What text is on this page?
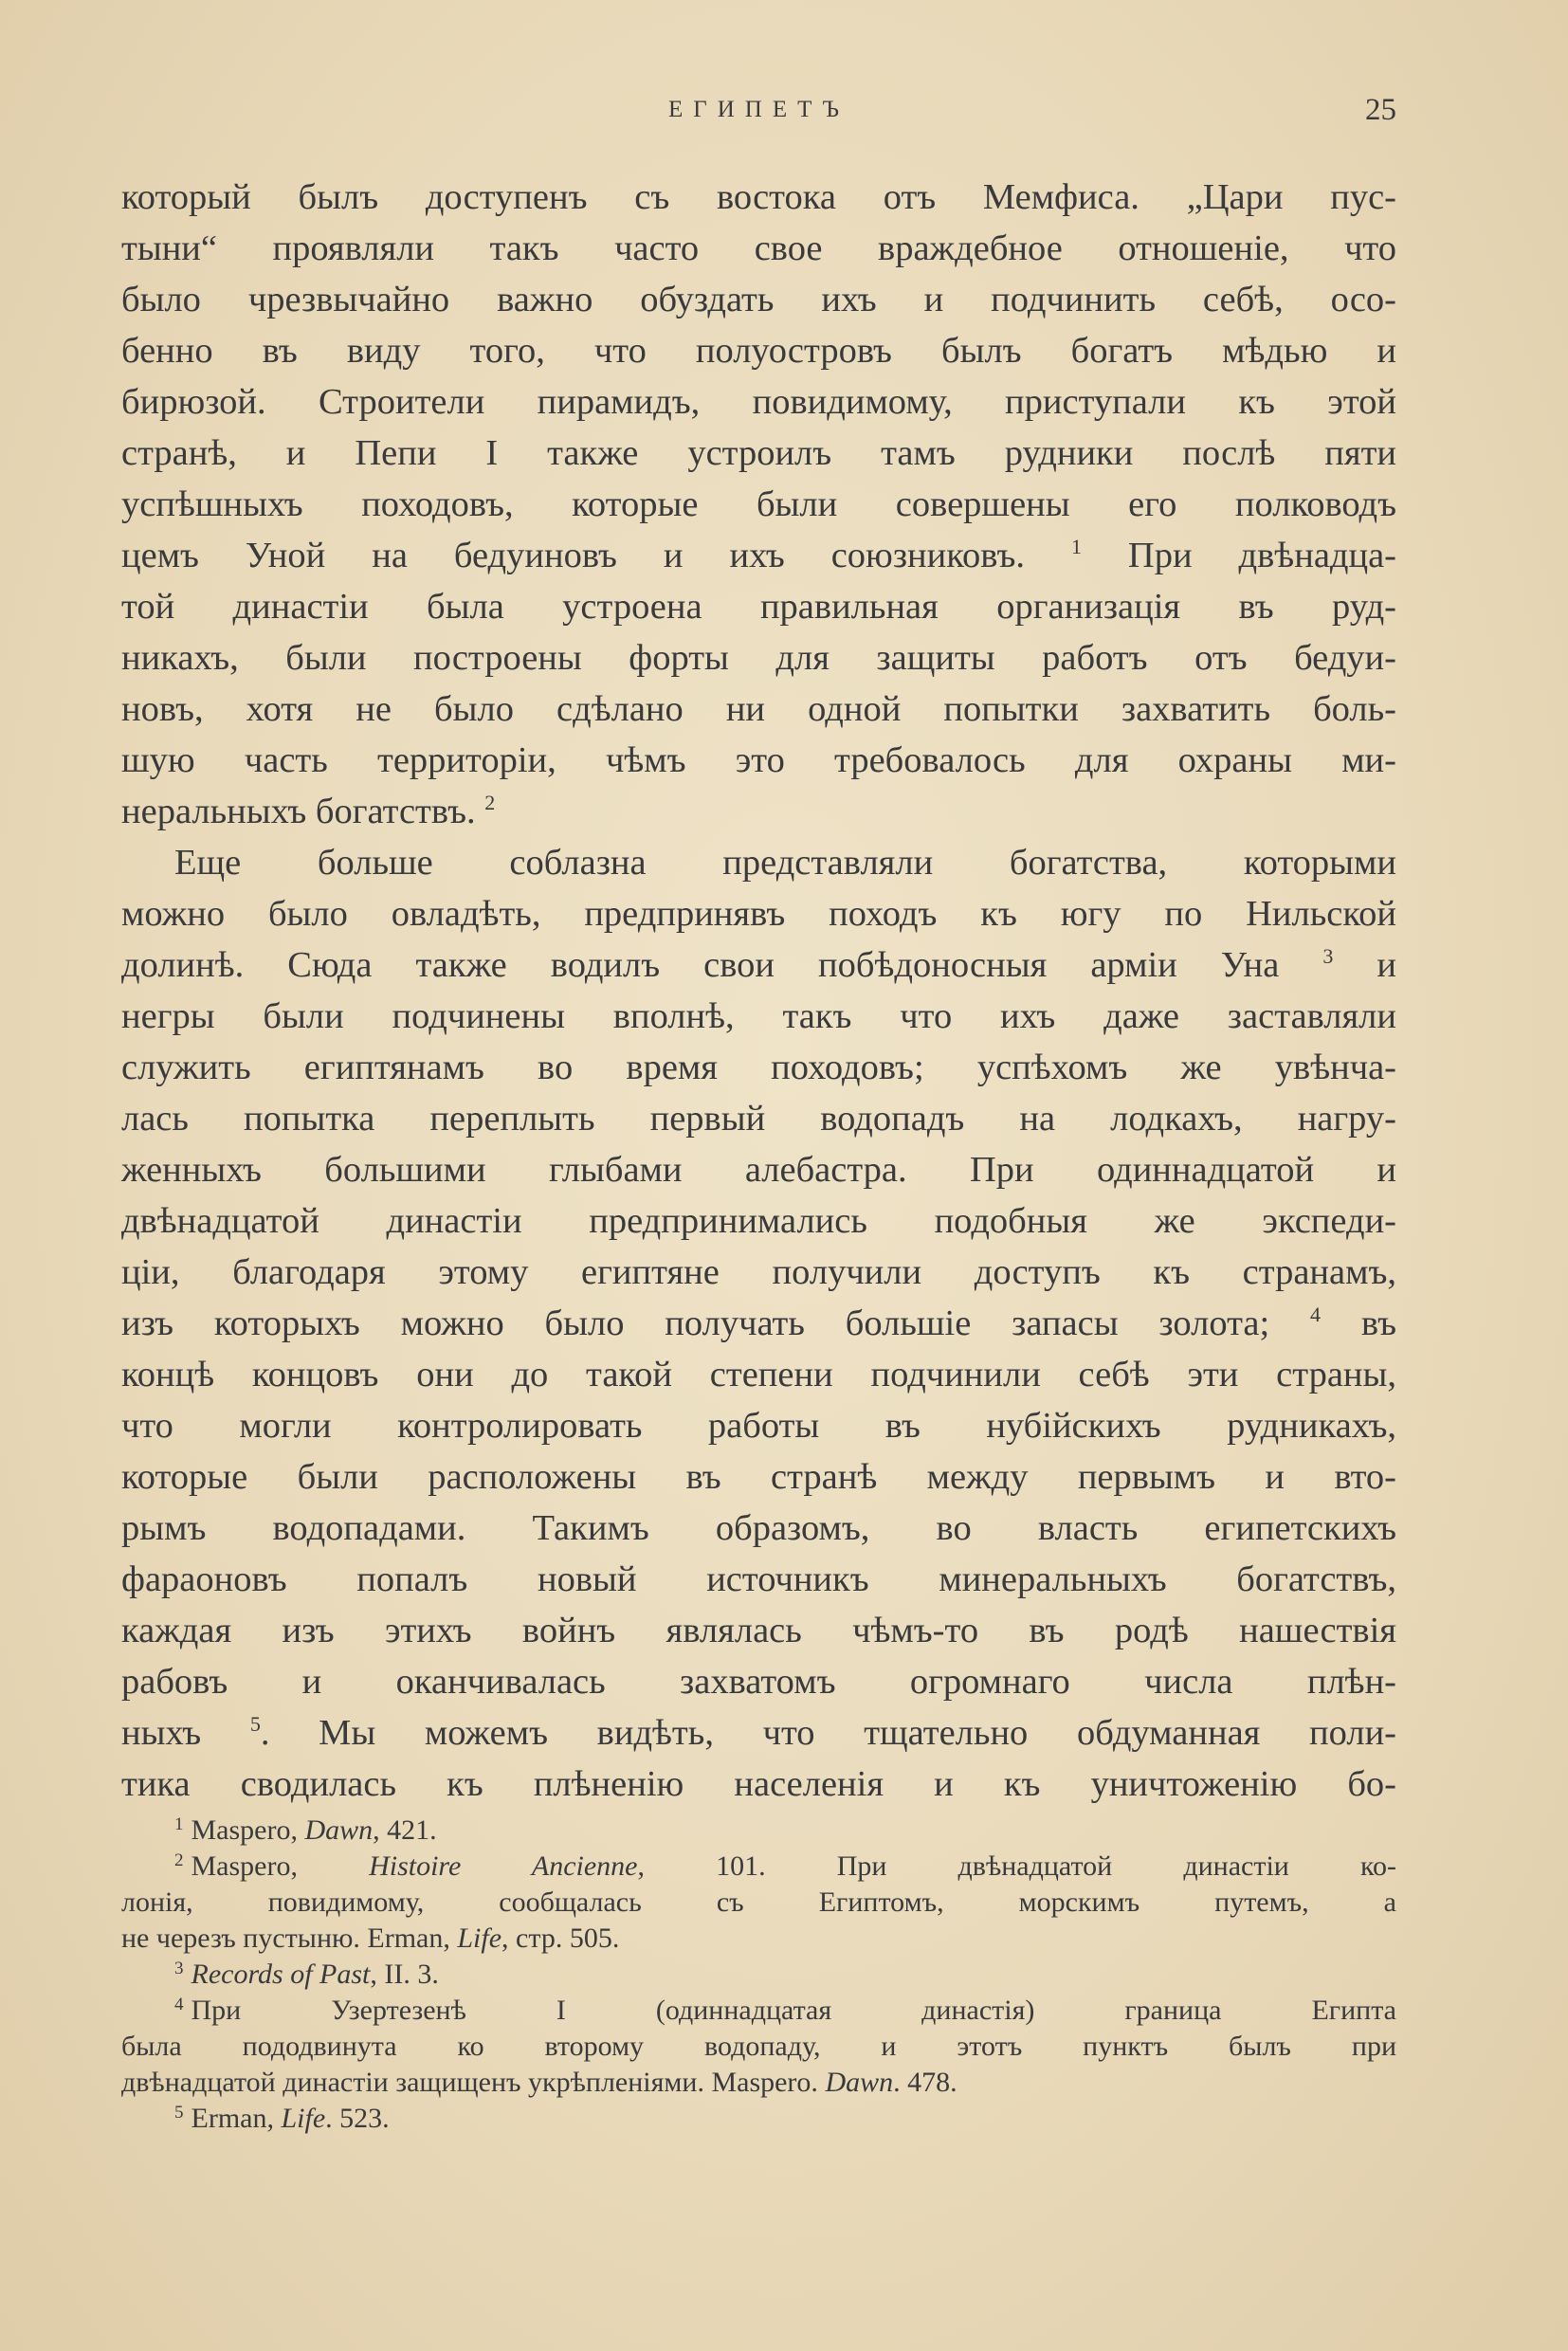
ЕГИПЕТЪ	25
который былъ доступенъ съ востока отъ Мемфиса. „Цари пус-
тыни“ проявляли такъ часто свое враждебное отношеніе, что
было чрезвычайно важно обуздать ихъ и подчинить себѣ, осо-
бенно въ виду того, что полуостровъ былъ богатъ мѣдью и
бирюзой. Строители пирамидъ, повидимому, приступали къ этой
странѣ, и Пепи I также устроилъ тамъ рудники послѣ пяти
успѣшныхъ походовъ, которые были совершены его полководъ
цемъ Уной на бедуиновъ и ихъ союзниковъ. $^1$ При двѣнадца-
той династіи была устроена правильная организація въ руд-
никахъ, были построены форты для защиты работъ отъ бедуи-
новъ, хотя не было сдѣлано ни одной попытки захватить боль-
шую часть территоріи, чѣмъ это требовалось для охраны ми-
неральныхъ богатствъ. $^2$
Еще больше соблазна представляли богатства, которыми
можно было овладѣть, предпринявъ походъ къ югу по Нильской
долинѣ. Сюда также водилъ свои побѣдоносныя арміи Уна $^3$ и
негры были подчинены вполнѣ, такъ что ихъ даже заставляли
служить египтянамъ во время походовъ; успѣхомъ же увѣнча-
лась попытка переплыть первый водопадъ на лодкахъ, нагру-
женныхъ большими глыбами алебастра. При одиннадцатой и
двѣнадцатой династіи предпринимались подобныя же экспеди-
ціи, благодаря этому египтяне получили доступъ къ странамъ,
изъ которыхъ можно было получать большіе запасы золота; $^4$ въ
концѣ концовъ они до такой степени подчинили себѣ эти страны,
что могли контролировать работы въ нубійскихъ рудникахъ,
которые были расположены въ странѣ между первымъ и вто-
рымъ водопадами. Такимъ образомъ, во власть египетскихъ
фараоновъ попалъ новый источникъ минеральныхъ богатствъ,
каждая изъ этихъ войнъ являлась чѣмъ-то въ родѣ нашествія
рабовъ и оканчивалась захватомъ огромнаго числа плѣн-
ныхъ $^5$. Мы можемъ видѣть, что тщательно обдуманная поли-
тика сводилась къ плѣненію населенія и къ уничтоженію бо-
$^1$ Maspero, Dawn, 421.
$^2$ Maspero, Histoire Ancienne, 101. При двѣнадцатой династіи ко-
лонія, повидимому, сообщалась съ Египтомъ, морскимъ путемъ, а
не черезъ пустыню. Erman, Life, стр. 505.
$^3$ Records of Past, II. 3.
$^4$ При Узертезенѣ I (одиннадцатая династія) граница Египта
была пододвинута ко второму водопаду, и этотъ пунктъ былъ при
двѣнадцатой династіи защищенъ укрѣпленіями. Maspero. Dawn. 478.
$^5$ Erman, Life. 523.
